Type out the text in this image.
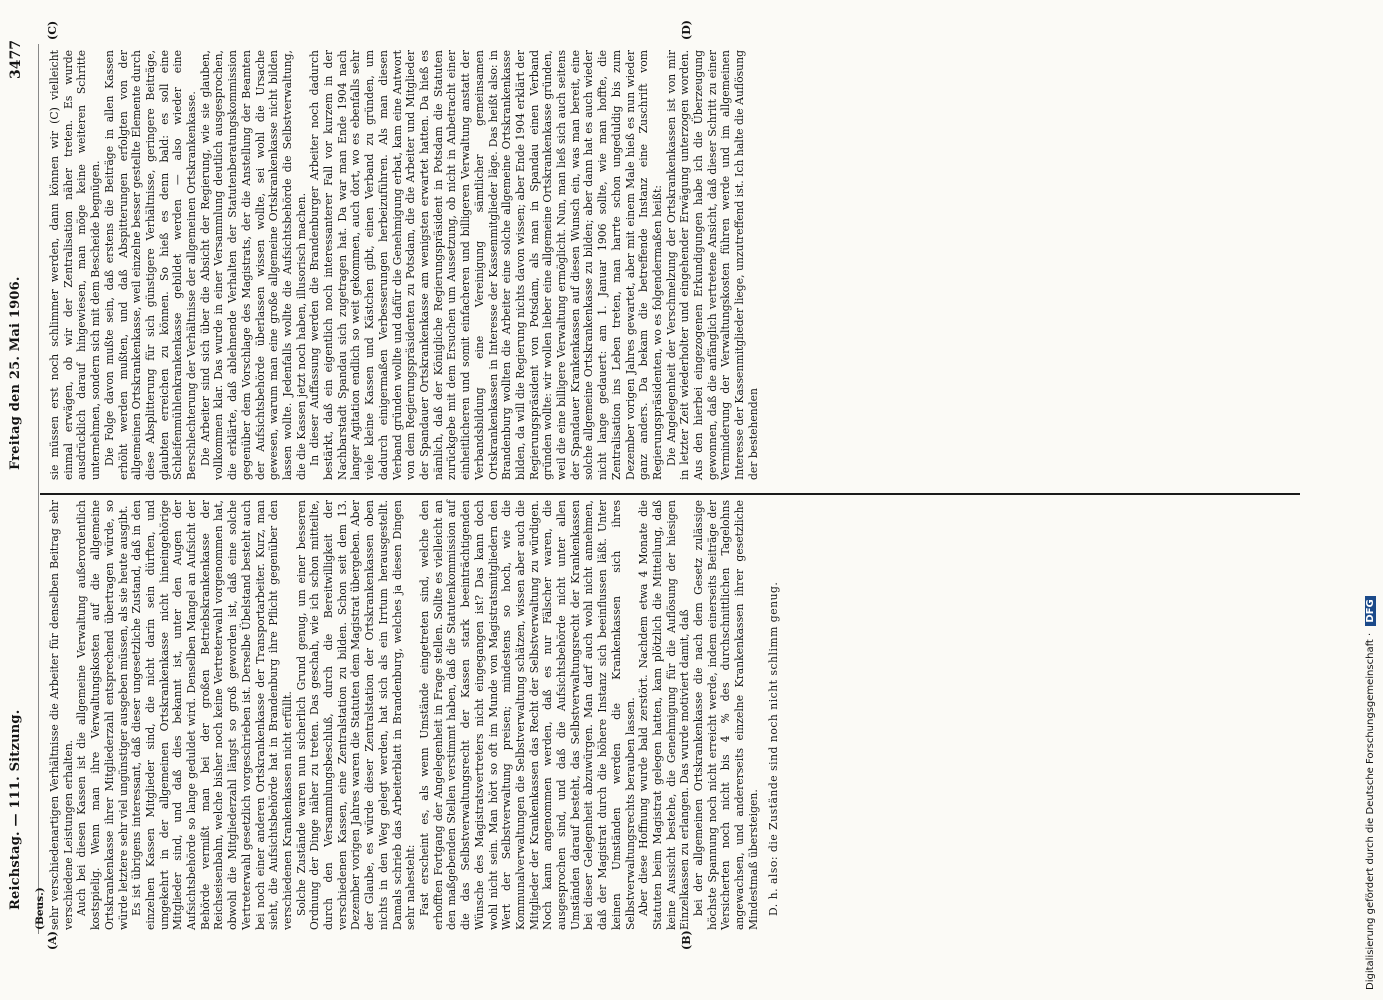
Reichstag. — 111. Sitzung.
Freitag den 25. Mai 1906.
3477
(Beus.)
(A)	(B)
(C)	(D)

sehr verschiedenartigen Verhältnisse die Arbeiter für denselben Beitrag sehr verschiedene Leistungen erhalten. Auch bei diesen Kassen ist die allgemeine Verwaltung außerordentlich kostspielig. Wenn man ihre Verwaltungskosten auf die allgemeine Ortskrankenkasse ihrer Mitgliederzahl entsprechend übertragen würde, so würde letztere sehr viel ungünstiger ausgeben müssen, als sie heute ausgibt. Es ist übrigens interessant, daß dieser ungesetzliche Zustand, daß in den einzelnen Kassen Mitglieder sind, die nicht darin sein dürften, und umgekehrt in der allgemeinen Ortskrankenkasse nicht hineingehörige Mitglieder sind, und daß dies bekannt ist, unter den Augen der Aufsichtsbehörde so lange geduldet wird. Denselben Mangel an Aufsicht der Behörde vermißt man bei der großen Betriebskrankenkasse der Reichseisenbahn, welche bisher noch keine Vertreterwahl vorgenommen hat, obwohl die Mitgliederzahl längst so groß geworden ist, daß eine solche Vertreterwahl gesetzlich vorgeschrieben ist. Derselbe Übelstand besteht auch bei noch einer anderen Ortskrankenkasse der Transportarbeiter. Kurz, man sieht, die Aufsichtsbehörde hat in Brandenburg ihre Pflicht gegenüber den verschiedenen Krankenkassen nicht erfüllt. Solche Zustände waren nun sicherlich Grund genug, um einer besseren Ordnung der Dinge näher zu treten. Das geschah, wie ich schon mitteilte, durch den Versammlungsbeschluß, durch die Bereitwilligkeit der verschiedenen Kassen, eine Zentralstation zu bilden. Schon seit dem 13. Dezember vorigen Jahres waren die Statuten dem Magistrat übergeben. Aber der Glaube, es würde dieser Zentralstation der Ortskrankenkassen oben nichts in den Weg gelegt werden, hat sich als ein Irrtum herausgestellt. Damals schrieb das Arbeiterblatt in Brandenburg, welches ja diesen Dingen sehr nahesteht: Fast erscheint es, als wenn Umstände eingetreten sind, welche den erhofften Fortgang der Angelegenheit in Frage stellen. Sollte es vielleicht an den maßgebenden Stellen verstimmt haben, daß die Statutenkommission auf die das Selbstverwaltungsrecht der Kassen stark beeinträchtigenden Wünsche des Magistratsvertreters nicht eingegangen ist? Das kann doch wohl nicht sein. Man hört so oft im Munde von Magistratsmitgliedern den Wert der Selbstverwaltung preisen; mindestens so hoch, wie die Kommunalverwaltungen die Selbstverwaltung schätzen, wissen aber auch die Mitglieder der Krankenkassen das Recht der Selbstverwaltung zu würdigen. Noch kann angenommen werden, daß es nur Fälscher waren, die ausgesprochen sind, und daß die Aufsichtsbehörde nicht unter allen Umständen darauf besteht, das Selbstverwaltungsrecht der Krankenkassen bei dieser Gelegenheit abzuwürgen. Man darf auch wohl nicht annehmen, daß der Magistrat durch die höhere Instanz sich beeinflussen läßt. Unter keinen Umständen werden die Krankenkassen sich ihres Selbstverwaltungsrechts berauben lassen. Aber diese Hoffnung wurde bald zerstört. Nachdem etwa 4 Monate die Statuten beim Magistrat gelegen hatten, kam plötzlich die Mitteilung, daß keine Aussicht bestehe, die Genehmigung für die Auflösung der hiesigen Einzelkassen zu erlangen. Das wurde motiviert damit, daß bei der allgemeinen Ortskrankenkasse die nach dem Gesetz zulässige höchste Spannung noch nicht erreicht werde, indem einerseits Beiträge der Versicherten noch nicht bis 4 % des durchschnittlichen Tagelohns angewachsen, und andererseits einzelne Krankenkassen ihrer gesetzliche Mindestmaß übersteigen. D. h. also: die Zustände sind noch nicht schlimm genug.

sie müssen erst noch schlimmer werden, dann können wir (C) vielleicht einmal erwägen, ob wir der Zentralisation näher treten. Es wurde ausdrücklich darauf hingewiesen, man möge keine weiteren Schritte unternehmen, sondern sich mit dem Bescheide begnügen. Die Folge davon mußte sein, daß erstens die Beiträge in allen Kassen erhöht werden mußten, und daß Abspitterungen erfolgten von der allgemeinen Ortskrankenkasse, weil einzelne besser gestellte Elemente durch diese Absplitterung für sich günstigere Verhältnisse, geringere Beiträge, glaubten erreichen zu können. So hieß es denn bald: es soll eine Schleifenmühlenkrankenkasse gebildet werden — also wieder eine Berschlechterung der Verhältnisse der allgemeinen Ortskrankenkasse. Die Arbeiter sind sich über die Absicht der Regierung, wie sie glauben, vollkommen klar. Das wurde in einer Versammlung deutlich ausgesprochen, die erklärte, daß ablehnende Verhalten der Statutenberatungskommission gegenüber dem Vorschlage des Magistrats, der die Anstellung der Beamten der Aufsichtsbehörde überlassen wissen wollte, sei wohl die Ursache gewesen, warum man eine große allgemeine Ortskrankenkasse nicht bilden lassen wollte. Jedenfalls wollte die Aufsichtsbehörde die Selbstverwaltung, die die Kassen jetzt noch haben, illusorisch machen. In dieser Auffassung werden die Brandenburger Arbeiter noch dadurch bestärkt, daß ein eigentlich noch interessanterer Fall vor kurzem in der Nachbarstadt Spandau sich zugetragen hat. Da war man Ende 1904 nach langer Agitation endlich so weit gekommen, auch dort, wo es ebenfalls sehr viele kleine Kassen und Kästchen gibt, einen Verband zu gründen, um dadurch einigermaßen Verbesserungen herbeizuführen. Als man diesen Verband gründen wollte und dafür die Genehmigung erbat, kam eine Antwort von dem Regierungspräsidenten zu Potsdam, die die Arbeiter und Mitglieder der Spandauer Ortskrankenkasse am wenigsten erwartet hatten. Da hieß es nämlich, daß der Königliche Regierungspräsident in Potsdam die Statuten zurückgebe mit dem Ersuchen um Aussetzung, ob nicht in Anbetracht einer einheitlicheren und somit einfacheren und billigeren Verwaltung anstatt der Verbandsbildung eine Vereinigung sämtlicher gemeinsamen Ortskrankenkassen in Interesse der Kassenmitglieder läge. Das heißt also: in Brandenburg wollten die Arbeiter eine solche allgemeine Ortskrankenkasse bilden, da will die Regierung nichts davon wissen; aber Ende 1904 erklärt der Regierungspräsident von Potsdam, als man in Spandau einen Verband gründen wollte: wir wollen lieber eine allgemeine Ortskrankenkasse gründen, weil die eine billigere Verwaltung ermöglicht. Nun, man ließ sich auch seitens der Spandauer Krankenkassen auf diesen Wunsch ein, was man bereit, eine solche allgemeine Ortskrankenkasse zu bilden; aber dann hat es auch wieder nicht lange gedauert: am 1. Januar 1906 sollte, wie man hoffte, die Zentralisation ins Leben treten, man harrte schon ungeduldig bis zum Dezember vorigen Jahres gewartet, aber mit einem Male hieß es nun wieder ganz anders. Da bekam die betreffende Instanz eine Zuschrift vom Regierungspräsidenten, wo es folgendermaßen heißt: Die Angelegenheit der Verschmelzung der Ortskrankenkassen ist von mir in letzter Zeit wiederholter und eingehender Erwägung unterzogen worden. Aus den hierbei eingezogenen Erkundigungen habe ich die Überzeugung gewonnen, daß die anfänglich vertretene Ansicht, daß dieser Schritt zu einer Verminderung der Verwaltungskosten führen werde und im allgemeinen Interesse der Kassenmitglieder liege, unzutreffend ist. Ich halte die Auflösung der bestehenden

Digitalisierung gefördert durch die Deutsche Forschungsgemeinschaft · DFG
